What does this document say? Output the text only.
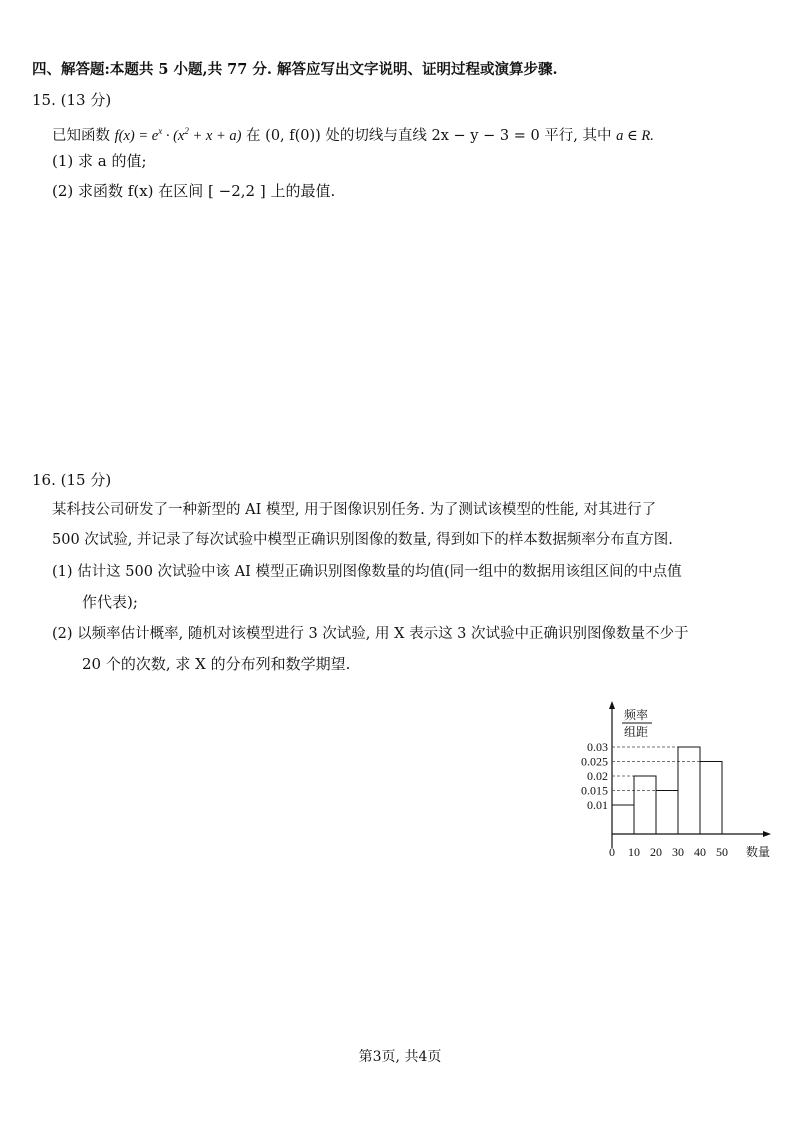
四、解答题:本题共 5 小题,共 77 分. 解答应写出文字说明、证明过程或演算步骤.
15. (13 分)
已知函数 $f(x) = e^x \cdot (x^2 + x + a)$ 在 (0, f(0)) 处的切线与直线 2x − y − 3 = 0 平行, 其中 a ∈ R.
(1) 求 a 的值;
(2) 求函数 f(x) 在区间 [ −2,2 ] 上的最值.
16. (15 分)
某科技公司研发了一种新型的 AI 模型, 用于图像识别任务. 为了测试该模型的性能, 对其进行了
500 次试验, 并记录了每次试验中模型正确识别图像的数量, 得到如下的样本数据频率分布直方图.
(1) 估计这 500 次试验中该 AI 模型正确识别图像数量的均值(同一组中的数据用该组区间的中点值
作代表);
(2) 以频率估计概率, 随机对该模型进行 3 次试验, 用 X 表示这 3 次试验中正确识别图像数量不少于
20 个的次数, 求 X 的分布列和数学期望.
频率
组距
数量
0.01
0.015
0.02
0.025
0.03
0 10 20 30 40 50
第3页, 共4页
